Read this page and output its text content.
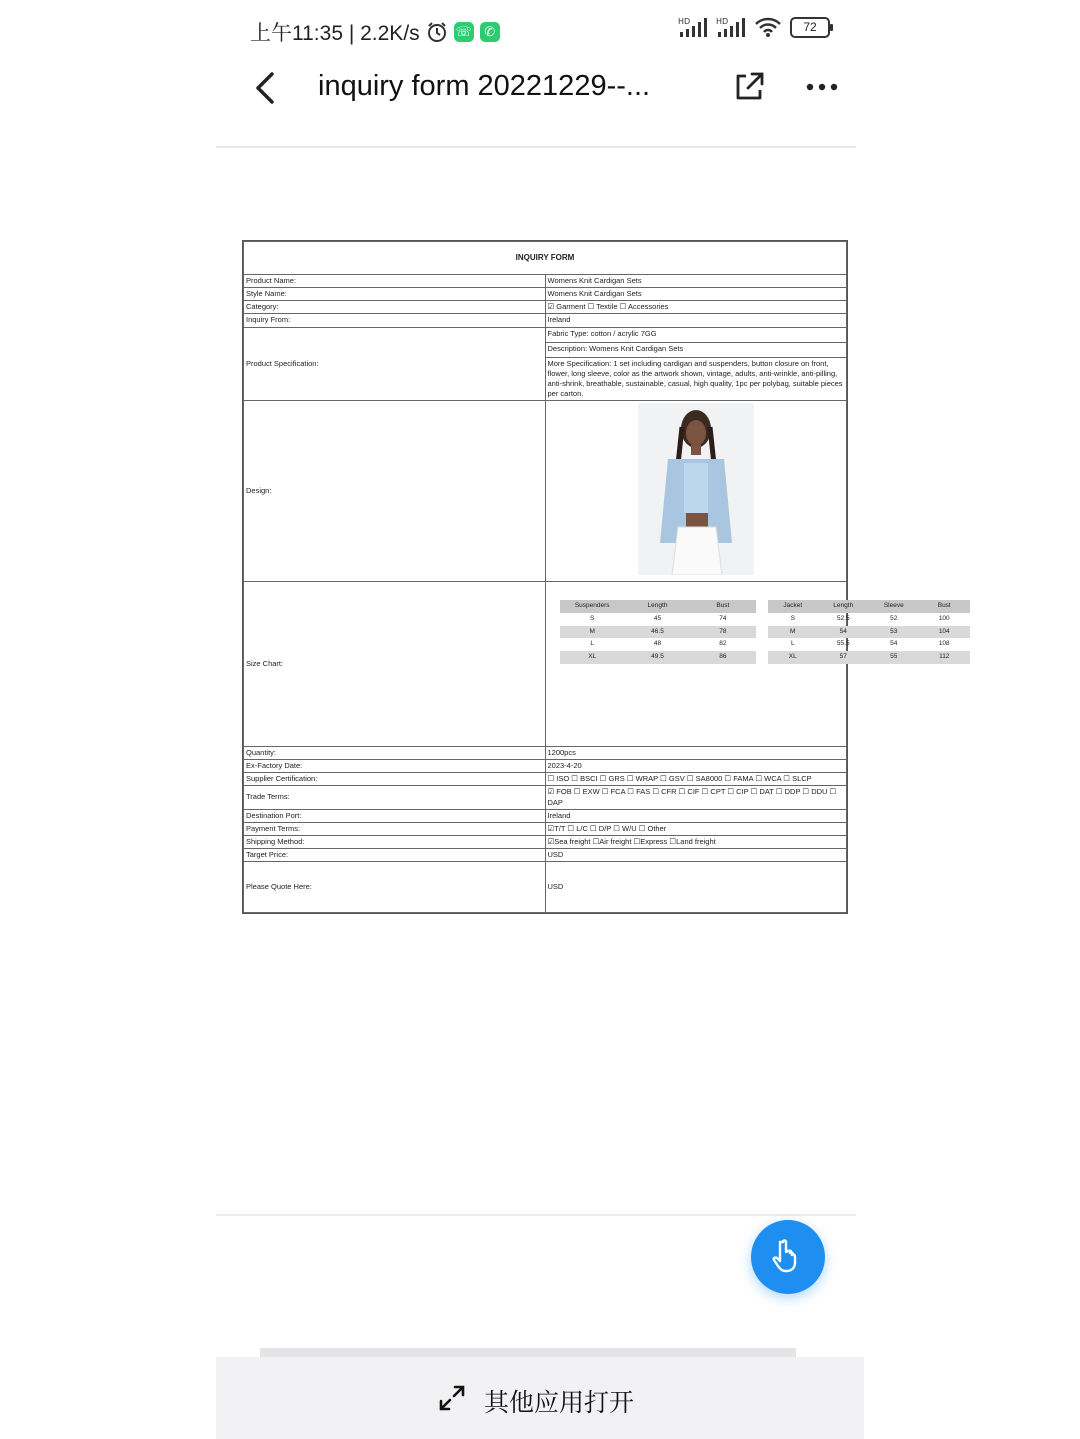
上午11:35 | 2.2K/s	☏ ✆
HD	HD	72
inquiry form 20221229--...
INQUIRY FORM
Product Name:	Womens Knit Cardigan Sets
Style Name:	Womens Knit Cardigan Sets
Category:	☑ Garment ☐ Textile ☐ Accessories
Inquiry From:	Ireland
Product Specification:	
Fabric Type: cotton / acrylic 7GG
Description: Womens Knit Cardigan Sets
More Specification: 1 set including cardigan and suspenders, button closure on front, flower, long sleeve, color as the artwork shown, vintage, adults, anti-wrinkle, anti-pilling, anti-shrink, breathable, sustainable, casual, high quality, 1pc per polybag, suitable pieces per carton.

Design:	
Size Chart:	
Suspenders	Length	Bust
S	45	74
M	46.5	78
L	48	82
XL	49.5	86
Jacket	Length	Sleeve	Bust
S	52.5	52	100
M	54	53	104
L	55.5	54	108
XL	57	55	112

Quantity:	1200pcs
Ex-Factory Date:	2023-4-20
Supplier Certification:	☐ ISO ☐ BSCI ☐ GRS ☐ WRAP ☐ GSV ☐ SA8000 ☐ FAMA ☐ WCA ☐ SLCP
Trade Terms:	☑ FOB ☐ EXW ☐ FCA ☐ FAS ☐ CFR ☐ CIF ☐ CPT ☐ CIP ☐ DAT ☐ DDP ☐ DDU ☐ DAP
Destination Port:	Ireland
Payment Terms:	☑T/T ☐ L/C ☐ D/P ☐ W/U ☐ Other
Shipping Method:	☑Sea freight ☐Air freight ☐Express ☐Land freight
Target Price:	USD
Please Quote Here:	USD
其他应用打开
